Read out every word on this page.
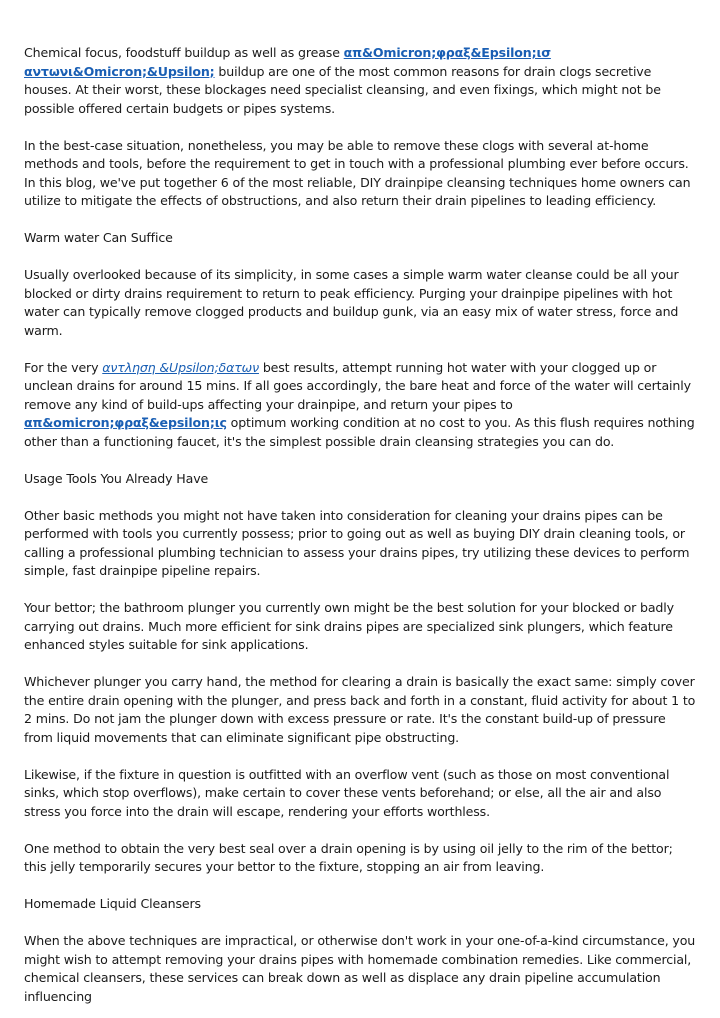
Chemical focus, foodstuff buildup as well as grease απ&Omicron;φραξ&Epsilon;ισ αντωνι&Omicron;&Upsilon; buildup are one of the most common reasons for drain clogs secretive houses. At their worst, these blockages need specialist cleansing, and even fixings, which might not be possible offered certain budgets or pipes systems.

In the best-case situation, nonetheless, you may be able to remove these clogs with several at-home methods and tools, before the requirement to get in touch with a professional plumbing ever before occurs. In this blog, we've put together 6 of the most reliable, DIY drainpipe cleansing techniques home owners can utilize to mitigate the effects of obstructions, and also return their drain pipelines to leading efficiency.

Warm water Can Suffice

Usually overlooked because of its simplicity, in some cases a simple warm water cleanse could be all your blocked or dirty drains requirement to return to peak efficiency. Purging your drainpipe pipelines with hot water can typically remove clogged products and buildup gunk, via an easy mix of water stress, force and warm.

For the very αντληση &Upsilon;δατων best results, attempt running hot water with your clogged up or unclean drains for around 15 mins. If all goes accordingly, the bare heat and force of the water will certainly remove any kind of build-ups affecting your drainpipe, and return your pipes to απ&omicron;φραξ&epsilon;ις optimum working condition at no cost to you. As this flush requires nothing other than a functioning faucet, it's the simplest possible drain cleansing strategies you can do.

Usage Tools You Already Have

Other basic methods you might not have taken into consideration for cleaning your drains pipes can be performed with tools you currently possess; prior to going out as well as buying DIY drain cleaning tools, or calling a professional plumbing technician to assess your drains pipes, try utilizing these devices to perform simple, fast drainpipe pipeline repairs.

Your bettor; the bathroom plunger you currently own might be the best solution for your blocked or badly carrying out drains. Much more efficient for sink drains pipes are specialized sink plungers, which feature enhanced styles suitable for sink applications.

Whichever plunger you carry hand, the method for clearing a drain is basically the exact same: simply cover the entire drain opening with the plunger, and press back and forth in a constant, fluid activity for about 1 to 2 mins. Do not jam the plunger down with excess pressure or rate. It's the constant build-up of pressure from liquid movements that can eliminate significant pipe obstructing.

Likewise, if the fixture in question is outfitted with an overflow vent (such as those on most conventional sinks, which stop overflows), make certain to cover these vents beforehand; or else, all the air and also stress you force into the drain will escape, rendering your efforts worthless.

One method to obtain the very best seal over a drain opening is by using oil jelly to the rim of the bettor; this jelly temporarily secures your bettor to the fixture, stopping an air from leaving.

Homemade Liquid Cleansers

When the above techniques are impractical, or otherwise don't work in your one-of-a-kind circumstance, you might wish to attempt removing your drains pipes with homemade combination remedies. Like commercial, chemical cleansers, these services can break down as well as displace any drain pipeline accumulation influencing
